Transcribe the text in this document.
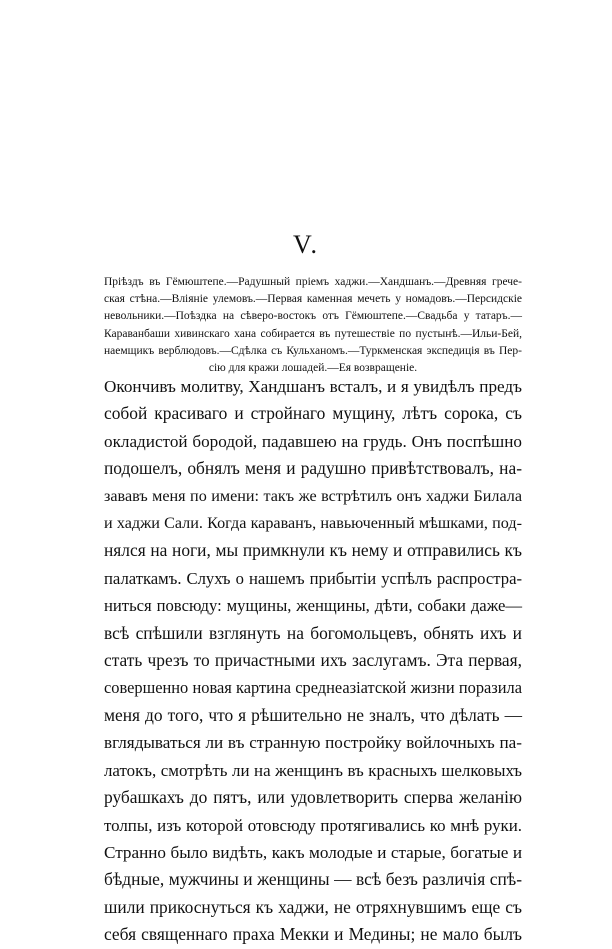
V.
Пріѣздъ въ Гёмюштепе.—Радушный пріемъ хаджи.—Хандшанъ.—Древняя грече-
ская стѣна.—Вліяніе улемовъ.—Первая каменная мечеть у номадовъ.—Персидскіе
невольники.—Поѣздка на сѣверо-востокъ отъ Гёмюштепе.—Свадьба у татаръ.—
Караванбаши хивинскаго хана собирается въ путешествіе по пустынѣ.—Ильи-Бей,
наемщикъ верблюдовъ.—Сдѣлка съ Кульханомъ.—Туркменская экспедиція въ Пер-
сію для кражи лошадей.—Ея возвращеніе.
Окончивъ молитву, Хандшанъ всталъ, и я увидѣлъ предъ
собой красиваго и стройнаго мущину, лѣтъ сорока, съ
окладистой бородой, падавшею на грудь. Онъ поспѣшно
подошелъ, обнялъ меня и радушно привѣтствовалъ, на-
зававъ меня по имени: такъ же встрѣтилъ онъ хаджи Билала
и хаджи Сали. Когда караванъ, навьюченный мѣшками, под-
нялся на ноги, мы примкнули къ нему и отправились къ
палаткамъ. Слухъ о нашемъ прибытіи успѣлъ распростра-
ниться повсюду: мущины, женщины, дѣти, собаки даже—
всѣ спѣшили взглянуть на богомольцевъ, обнять ихъ и
стать чрезъ то причастными ихъ заслугамъ. Эта первая,
совершенно новая картина среднеазіатской жизни поразила
меня до того, что я рѣшительно не зналъ, что дѣлать —
вглядываться ли въ странную постройку войлочныхъ па-
латокъ, смотрѣть ли на женщинъ въ красныхъ шелковыхъ
рубашкахъ до пятъ, или удовлетворить сперва желанію
толпы, изъ которой отовсюду протягивались ко мнѣ руки.
Странно было видѣть, какъ молодые и старые, богатые и
бѣдные, мужчины и женщины — всѣ безъ различія спѣ-
шили прикоснуться къ хаджи, не отряхнувшимъ еще съ
себя священнаго праха Мекки и Медины; не мало былъ
